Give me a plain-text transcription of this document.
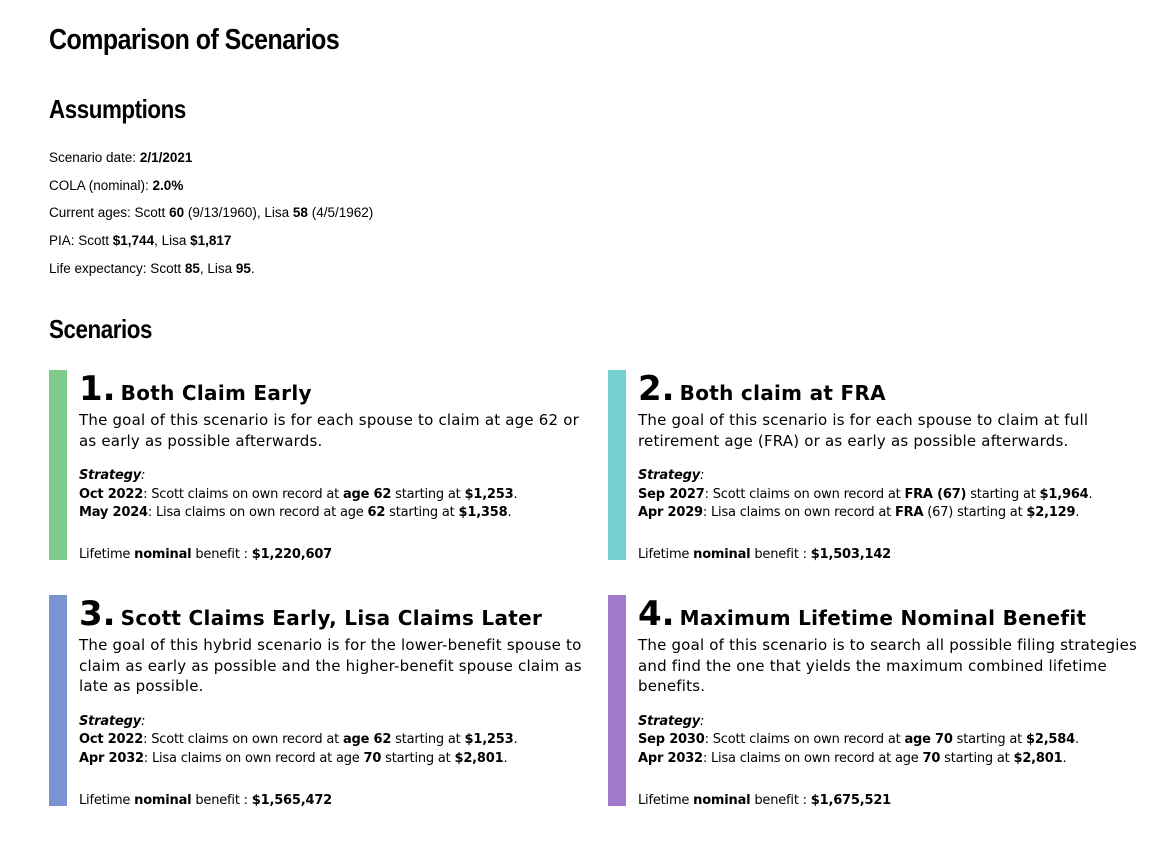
Comparison of Scenarios
Assumptions
Scenario date: 2/1/2021
COLA (nominal): 2.0%
Current ages: Scott 60 (9/13/1960), Lisa 58 (4/5/1962)
PIA: Scott $1,744, Lisa $1,817
Life expectancy: Scott 85, Lisa 95.
Scenarios
1. Both Claim Early

The goal of this scenario is for each spouse to claim at age 62 or as early as possible afterwards.

Strategy:
Oct 2022: Scott claims on own record at age 62 starting at $1,253.
May 2024: Lisa claims on own record at age 62 starting at $1,358.
Lifetime nominal benefit : $1,220,607
2. Both claim at FRA

The goal of this scenario is for each spouse to claim at full retirement age (FRA) or as early as possible afterwards.

Strategy:
Sep 2027: Scott claims on own record at FRA (67) starting at $1,964.
Apr 2029: Lisa claims on own record at FRA (67) starting at $2,129.
Lifetime nominal benefit : $1,503,142
3. Scott Claims Early, Lisa Claims Later

The goal of this hybrid scenario is for the lower-benefit spouse to claim as early as possible and the higher-benefit spouse claim as late as possible.

Strategy:
Oct 2022: Scott claims on own record at age 62 starting at $1,253.
Apr 2032: Lisa claims on own record at age 70 starting at $2,801.
Lifetime nominal benefit : $1,565,472
4. Maximum Lifetime Nominal Benefit

The goal of this scenario is to search all possible filing strategies and find the one that yields the maximum combined lifetime benefits.

Strategy:
Sep 2030: Scott claims on own record at age 70 starting at $2,584.
Apr 2032: Lisa claims on own record at age 70 starting at $2,801.
Lifetime nominal benefit : $1,675,521
